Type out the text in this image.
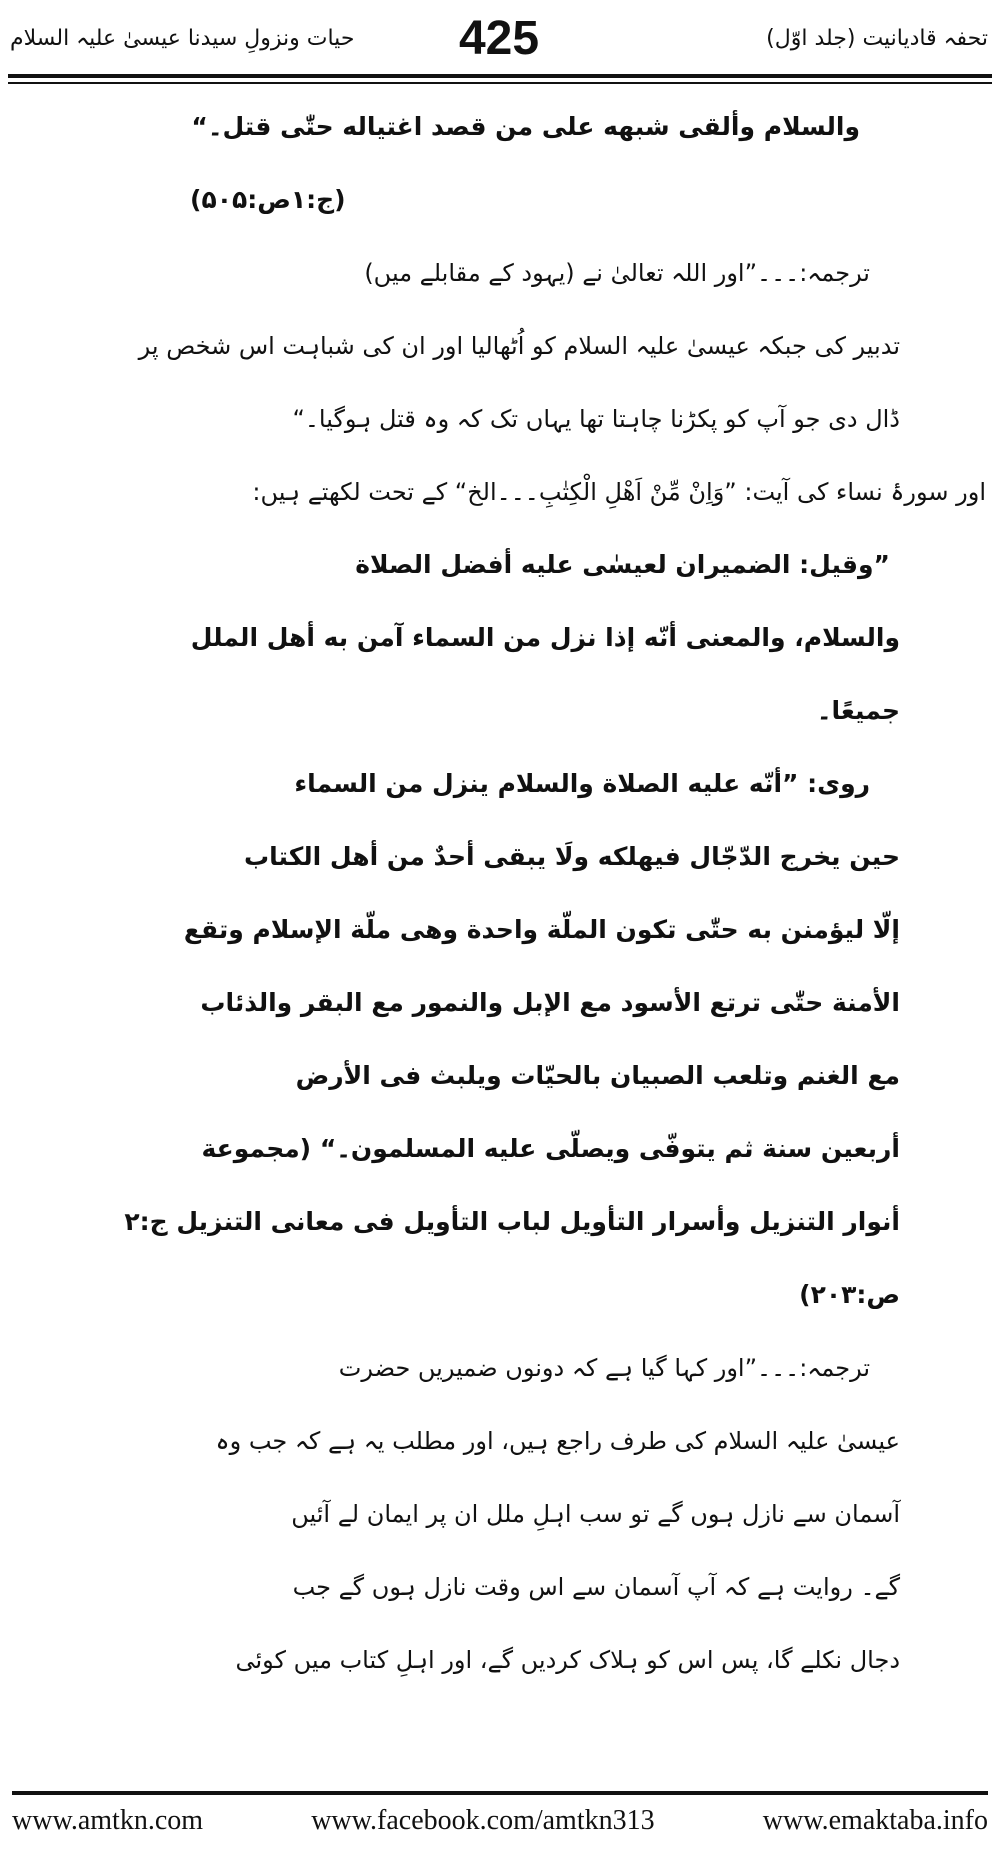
تحفہ قادیانیت (جلد اوّل)
425
حیات ونزولِ سیدنا عیسیٰ علیہ السلام
والسلام وألقى شبهه على من قصد اغتياله حتّٰى قتل۔“
(ج:۱ص:۵۰۵)
ترجمہ:۔۔۔”اور اللہ تعالیٰ نے (یہود کے مقابلے میں)
تدبیر کی جبکہ عیسیٰ علیہ السلام کو اُٹھالیا اور ان کی شباہت اس شخص پر
ڈال دی جو آپ کو پکڑنا چاہتا تھا یہاں تک کہ وہ قتل ہوگیا۔“
اور سورۂ نساء کی آیت: ”وَاِنْ مِّنْ اَهْلِ الْكِتٰبِ۔۔۔الخ“ کے تحت لکھتے ہیں:
”وقيل: الضميران لعيسٰى عليه أفضل الصلاة
والسلام، والمعنى أنّه إذا نزل من السماء آمن به أهل الملل
جميعًا۔
روى: ”أنّه عليه الصلاة والسلام ينزل من السماء
حين يخرج الدّجّال فيهلكه ولَا يبقى أحدٌ من أهل الكتاب
إلّا ليؤمنن به حتّٰى تكون الملّة واحدة وهى ملّة الإسلام وتقع
الأمنة حتّٰى ترتع الأسود مع الإبل والنمور مع البقر والذئاب
مع الغنم وتلعب الصبيان بالحيّات ويلبث فى الأرض
أربعين سنة ثم يتوفّى ويصلّى عليه المسلمون۔“ (مجموعة
أنوار التنزيل وأسرار التأويل لباب التأويل فى معانى التنزيل ج:۲
ص:۲۰۳)
ترجمہ:۔۔۔”اور کہا گیا ہے کہ دونوں ضمیریں حضرت
عیسیٰ علیہ السلام کی طرف راجع ہیں، اور مطلب یہ ہے کہ جب وہ
آسمان سے نازل ہوں گے تو سب اہلِ ملل ان پر ایمان لے آئیں
گے۔ روایت ہے کہ آپ آسمان سے اس وقت نازل ہوں گے جب
دجال نکلے گا، پس اس کو ہلاک کردیں گے، اور اہلِ کتاب میں کوئی
www.amtkn.com	www.facebook.com/amtkn313	www.emaktaba.info
